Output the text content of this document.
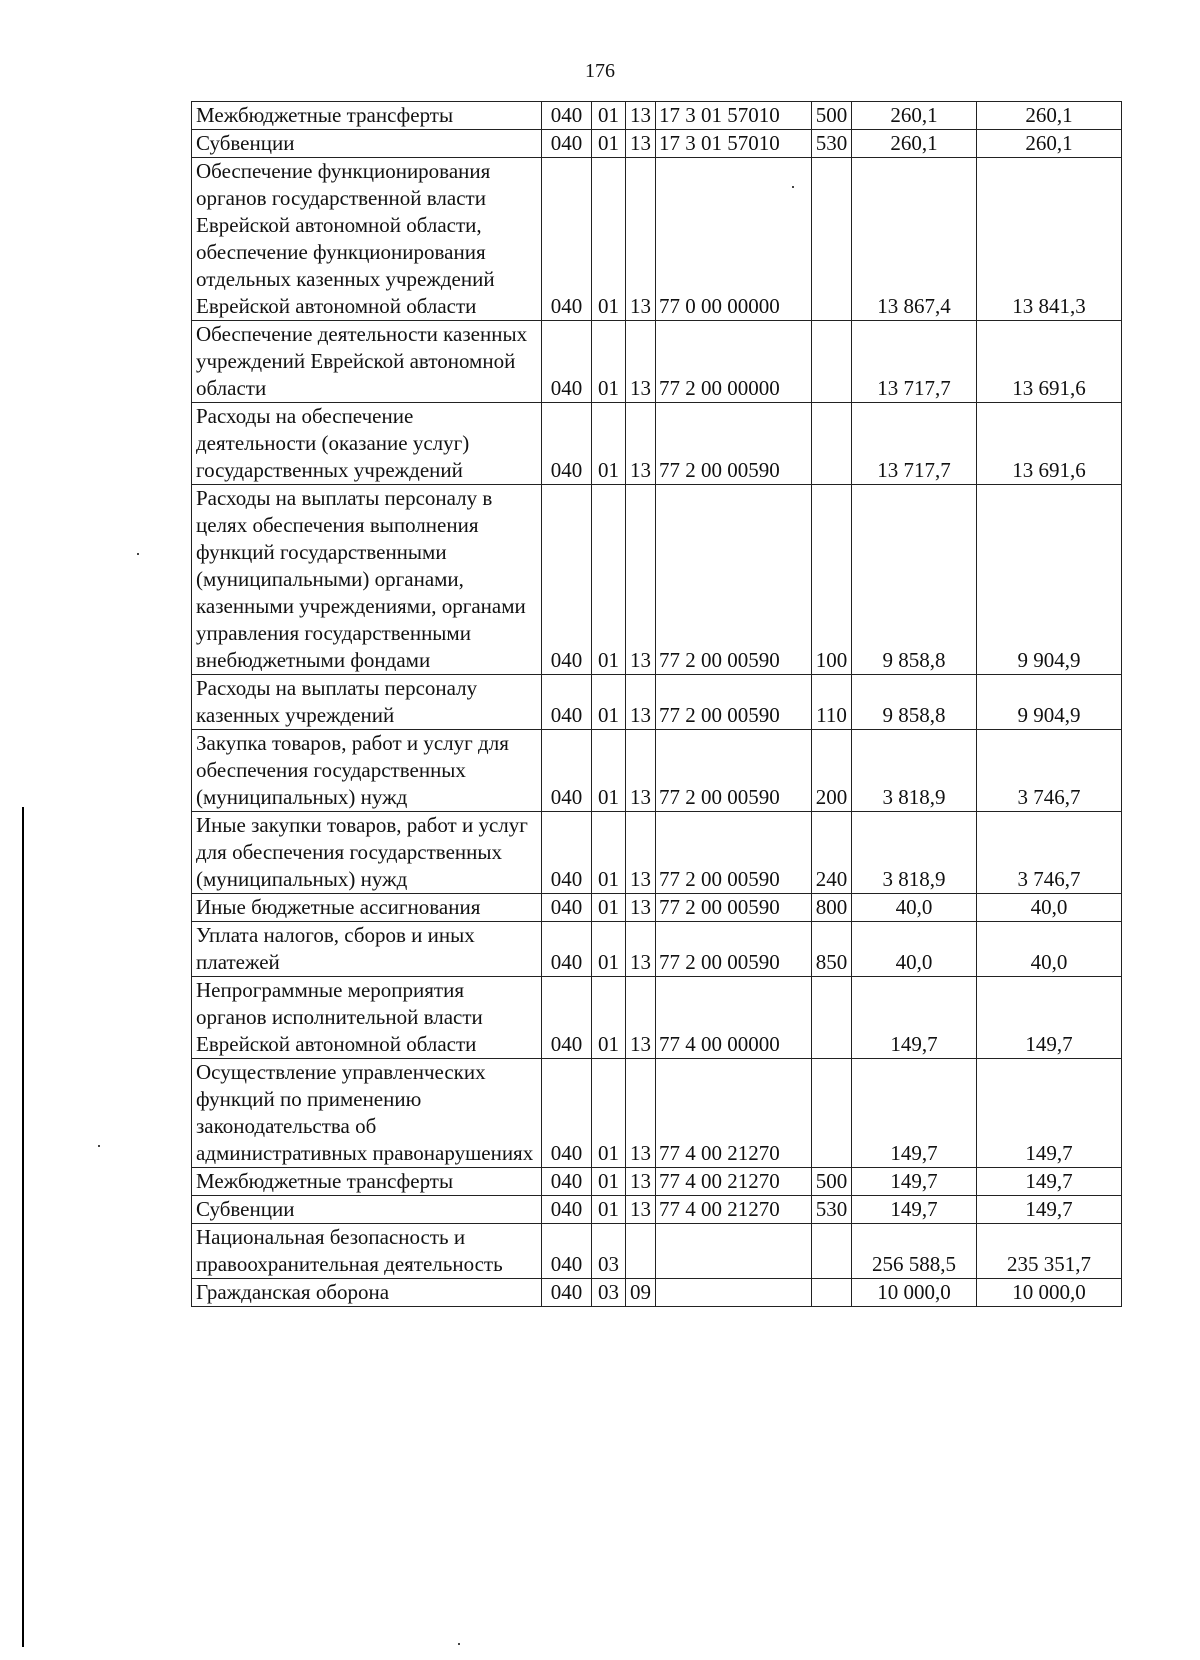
176
Межбюджетные трансферты	040	01	13	17 3 01 57010	500	260,1	260,1
Субвенции	040	01	13	17 3 01 57010	530	260,1	260,1
Обеспечение функционирования органов государственной власти Еврейской автономной области, обеспечение функционирования отдельных казенных учреждений Еврейской автономной области	040	01	13	77 0 00 00000		13 867,4	13 841,3
Обеспечение деятельности казенных учреждений Еврейской автономной области	040	01	13	77 2 00 00000		13 717,7	13 691,6
Расходы на обеспечение деятельности (оказание услуг) государственных учреждений	040	01	13	77 2 00 00590		13 717,7	13 691,6
Расходы на выплаты персоналу в целях обеспечения выполнения функций государственными (муниципальными) органами, казенными учреждениями, органами управления государственными внебюджетными фондами	040	01	13	77 2 00 00590	100	9 858,8	9 904,9
Расходы на выплаты персоналу казенных учреждений	040	01	13	77 2 00 00590	110	9 858,8	9 904,9
Закупка товаров, работ и услуг для обеспечения государственных (муниципальных) нужд	040	01	13	77 2 00 00590	200	3 818,9	3 746,7
Иные закупки товаров, работ и услуг для обеспечения государственных (муниципальных) нужд	040	01	13	77 2 00 00590	240	3 818,9	3 746,7
Иные бюджетные ассигнования	040	01	13	77 2 00 00590	800	40,0	40,0
Уплата налогов, сборов и иных платежей	040	01	13	77 2 00 00590	850	40,0	40,0
Непрограммные мероприятия органов исполнительной власти Еврейской автономной области	040	01	13	77 4 00 00000		149,7	149,7
Осуществление управленческих функций по применению законодательства об административных правонарушениях	040	01	13	77 4 00 21270		149,7	149,7
Межбюджетные трансферты	040	01	13	77 4 00 21270	500	149,7	149,7
Субвенции	040	01	13	77 4 00 21270	530	149,7	149,7
Национальная безопасность и правоохранительная деятельность	040	03				256 588,5	235 351,7
Гражданская оборона	040	03	09			10 000,0	10 000,0
